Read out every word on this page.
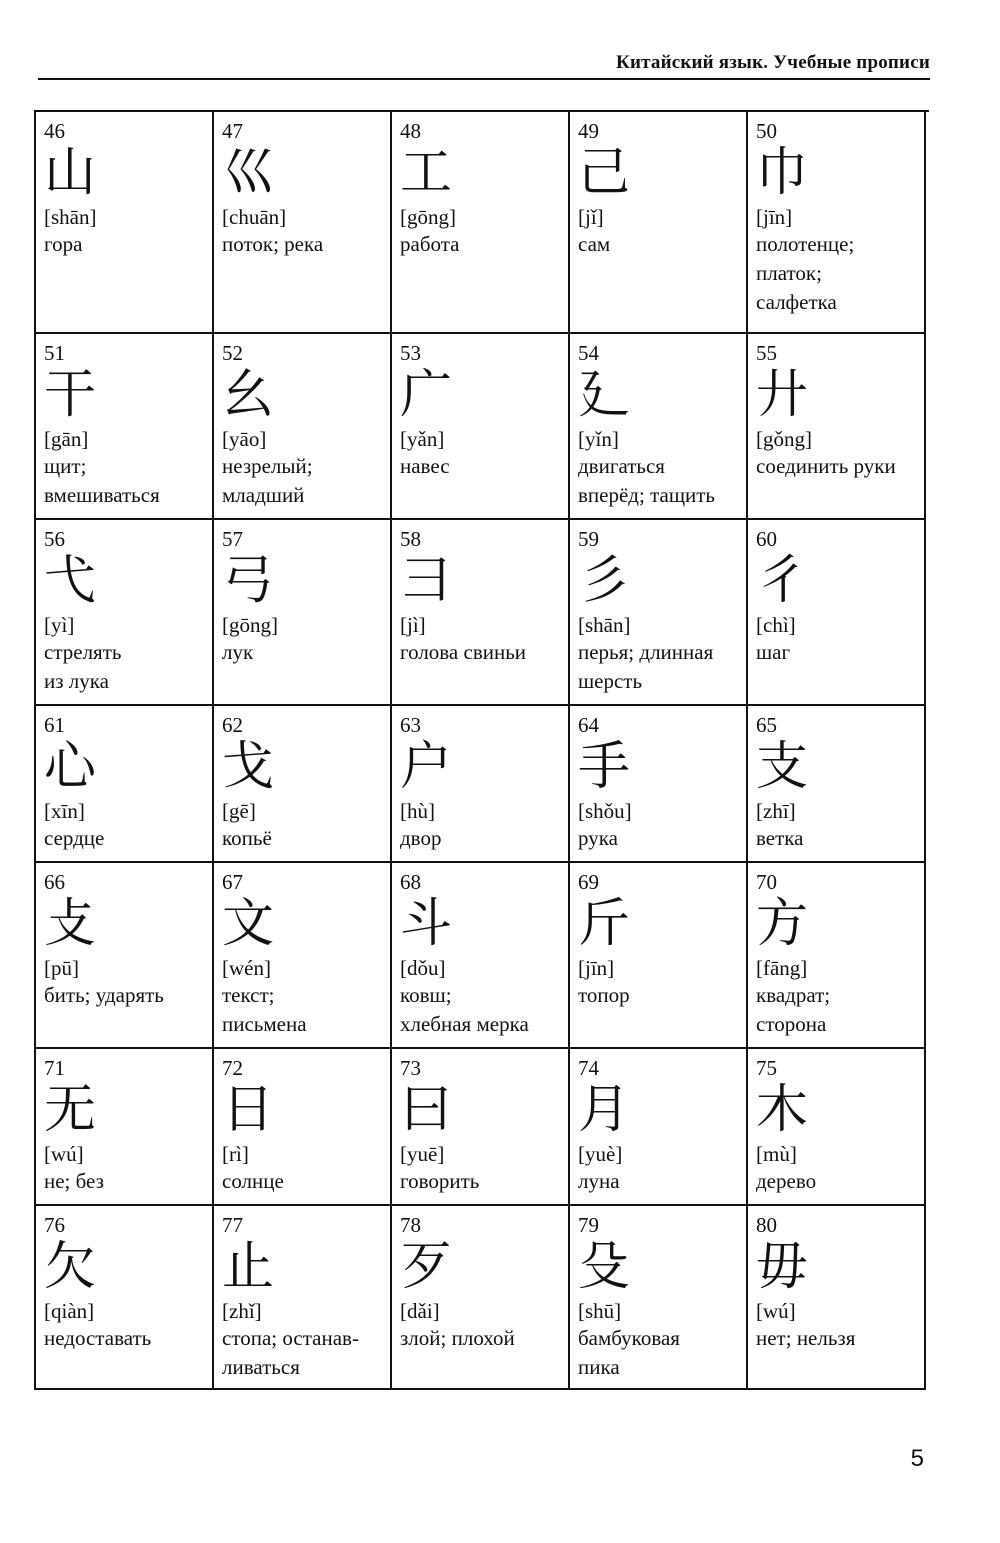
Китайский язык. Учебные прописи
46
山
[shān]
гора
47
巛
[chuān]
поток; река
48
工
[gōng]
работа
49
己
[jǐ]
сам
50
巾
[jīn]
полотенце;
платок;
салфетка
51
干
[gān]
щит;
вмешиваться
52
幺
[yāo]
незрелый;
младший
53
广
[yǎn]
навес
54
廴
[yǐn]
двигаться
вперёд; тащить
55
廾
[gǒng]
соединить руки
56
弋
[yì]
стрелять
из лука
57
弓
[gōng]
лук
58
彐
[jì]
голова свиньи
59
彡
[shān]
перья; длинная
шерсть
60
彳
[chì]
шаг
61
心
[xīn]
сердце
62
戈
[gē]
копьё
63
户
[hù]
двор
64
手
[shǒu]
рука
65
支
[zhī]
ветка
66
攴
[pū]
бить; ударять
67
文
[wén]
текст;
письмена
68
斗
[dǒu]
ковш;
хлебная мерка
69
斤
[jīn]
топор
70
方
[fāng]
квадрат;
сторона
71
无
[wú]
не; без
72
日
[rì]
солнце
73
曰
[yuē]
говорить
74
月
[yuè]
луна
75
木
[mù]
дерево
76
欠
[qiàn]
недоставать
77
止
[zhǐ]
стопа; останав-
ливаться
78
歹
[dǎi]
злой; плохой
79
殳
[shū]
бамбуковая
пика
80
毋
[wú]
нет; нельзя
5
